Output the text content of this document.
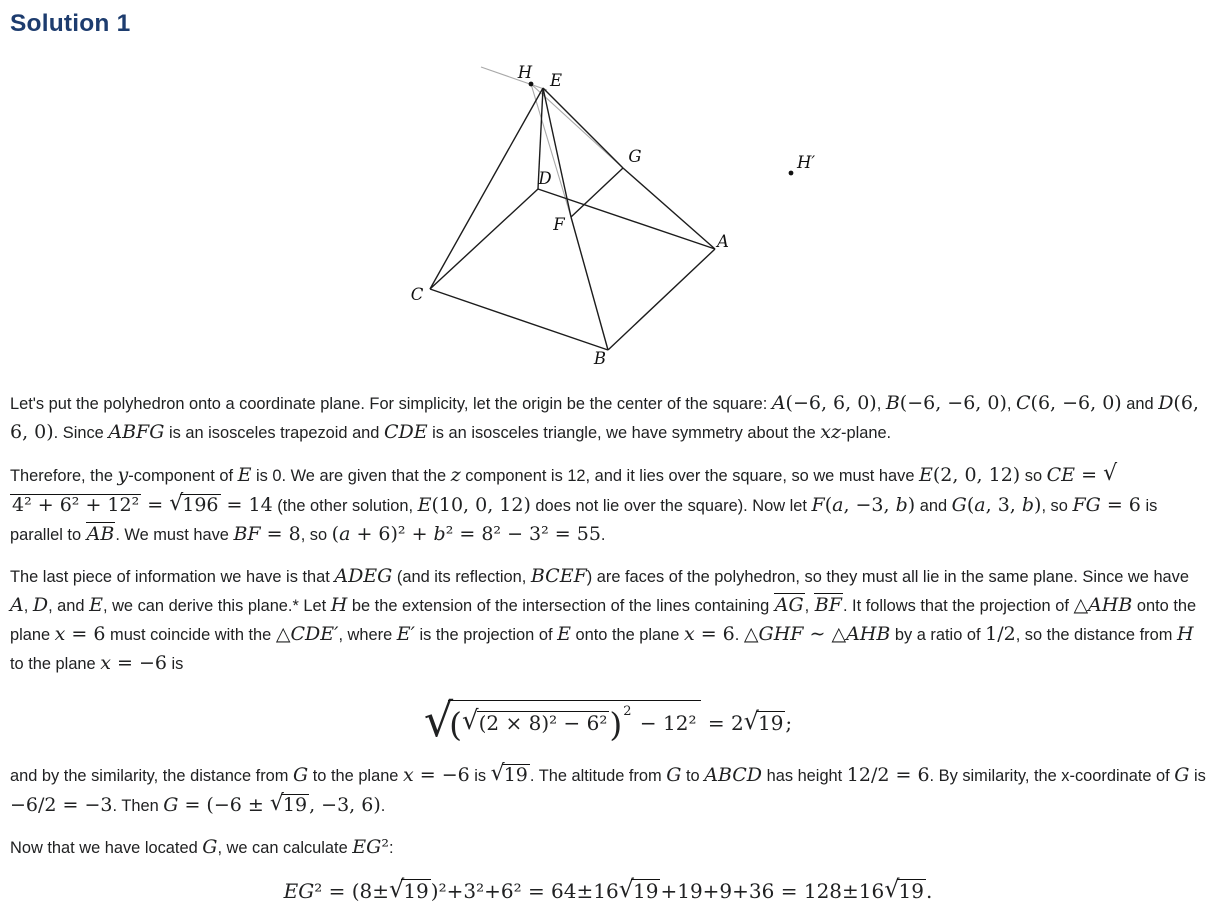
Solution 1
H E
G	H′
D
F
A
C
B

Let's put the polyhedron onto a coordinate plane. For simplicity, let the origin be the center of the square: A(−6, 6, 0), B(−6, −6, 0), C(6, −6, 0) and D(6, 6, 0). Since ABFG is an isosceles trapezoid and CDE is an isosceles triangle, we have symmetry about the xz-plane.

Therefore, the y-component of E is 0. We are given that the z component is 12, and it lies over the square, so we must have E(2, 0, 12) so CE = √4² + 6² + 12² = √196 = 14 (the other solution, E(10, 0, 12) does not lie over the square). Now let F(a, −3, b) and G(a, 3, b), so FG = 6 is parallel to AB. We must have BF = 8, so (a + 6)² + b² = 8² − 3² = 55.

The last piece of information we have is that ADEG (and its reflection, BCEF) are faces of the polyhedron, so they must all lie in the same plane. Since we have A, D, and E, we can derive this plane.* Let H be the extension of the intersection of the lines containing AG, BF. It follows that the projection of △AHB onto the plane x = 6 must coincide with the △CDE′, where E′ is the projection of E onto the plane x = 6. △GHF ∼ △AHB by a ratio of 1/2, so the distance from H to the plane x = −6 is

√(√(2 × 8)² − 6²)2 − 12² = 2√19 ;

and by the similarity, the distance from G to the plane x = −6 is √19 . The altitude from G to ABCD has height 12/2 = 6. By similarity, the x-coordinate of G is −6/2 = −3. Then G = (−6 ± √19 , −3, 6).

Now that we have located G, we can calculate EG²:

EG² = (8±√19 )²+3²+6² = 64±16√19 +19+9+36 = 128±16√19 .
